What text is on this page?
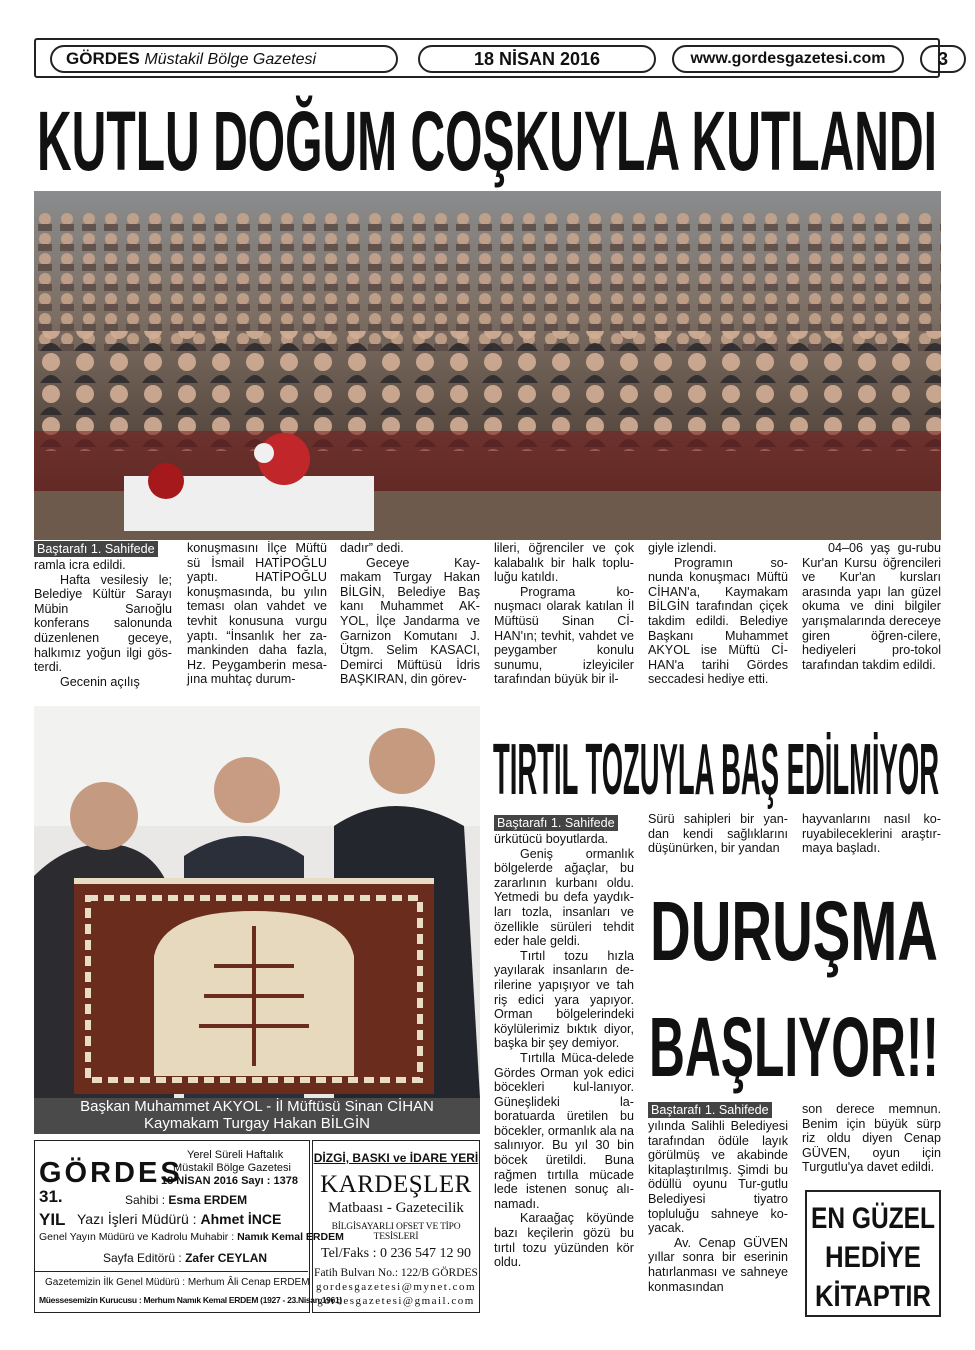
GÖRDES Müstakil Bölge Gazetesi	18 NİSAN 2016	www.gordesgazetesi.com	3
KUTLU DOĞUM COŞKUYLA KUTLANDI
Baştarafı 1. Sahifede

ramla icra edildi.

Hafta vesilesiy le; Belediye Kültür Sarayı Mübin Sarıoğlu konferans salonunda düzenlenen geceye, halkımız yoğun ilgi gös-terdi.

Gecenin açılış

konuşmasını İlçe Müftü sü İsmail HATİPOĞLU yaptı. HATİPOĞLU konuşmasında, bu yılın teması olan vahdet ve tevhit konusuna vurgu yaptı. “İnsanlık her za-mankinden daha fazla, Hz. Peygamberin mesa-jına muhtaç durum-

dadır” dedi.

Geceye Kay-makam Turgay Hakan BİLGİN, Belediye Baş kanı Muhammet AK-YOL, İlçe Jandarma ve Garnizon Komutanı J. Ütgm. Selim KASACI, Demirci Müftüsü İdris BAŞKIRAN, din görev-

lileri, öğrenciler ve çok kalabalık bir halk toplu-luğu katıldı.

Programa ko-nuşmacı olarak katılan İl Müftüsü Sinan Cİ-HAN'ın; tevhit, vahdet ve peygamber konulu sunumu, izleyiciler tarafından büyük bir il-

giyle izlendi.

Programın so-nunda konuşmacı Müftü CİHAN'a, Kaymakam BİLGİN tarafından çiçek takdim edildi. Belediye Başkanı Muhammet AKYOL ise Müftü Cİ-HAN'a tarihi Gördes seccadesi hediye etti.

04–06 yaş gu-rubu Kur'an Kursu öğrencileri ve Kur'an kursları arasında yapı lan güzel okuma ve dini bilgiler yarışmalarında dereceye giren öğren-cilere, hediyeleri pro-tokol tarafından takdim edildi.

Başkan Muhammet AKYOL - İl Müftüsü Sinan CİHAN
Kaymakam Turgay Hakan BİLGİN
TIRTIL TOZUYLA BAŞ EDİLMİYOR
Baştarafı 1. Sahifede

ürkütücü boyutlarda.

Geniş ormanlık bölgelerde ağaçlar, bu zararlının kurbanı oldu. Yetmedi bu defa yaydık-ları tozla, insanları ve özellikle sürüleri tehdit eder hale geldi.

Tırtıl tozu hızla yayılarak insanların de-rilerine yapışıyor ve tah riş edici yara yapıyor. Orman bölgelerindeki köylülerimiz bıktık diyor, başka bir şey demiyor.

Tırtılla Müca-delede Gördes Orman yok edici böcekleri kul-lanıyor. Güneşlideki la-boratuarda üretilen bu böcekler, ormanlık ala na salınıyor. Bu yıl 30 bin böcek üretildi. Buna rağmen tırtılla mücade lede istenen sonuç alı-namadı.

Karaağaç köyünde bazı keçilerin gözü bu tırtıl tozu yüzünden kör oldu.

Sürü sahipleri bir yan-dan kendi sağlıklarını düşünürken, bir yandan

hayvanlarını nasıl ko-ruyabileceklerini araştır-maya başladı.

DURUŞMA
BAŞLIYOR!!
Baştarafı 1. Sahifede

yılında Salihli Belediyesi tarafından ödüle layık görülmüş ve akabinde kitaplaştırılmış. Şimdi bu ödüllü oyunu Tur-gutlu Belediyesi tiyatro topluluğu sahneye ko-yacak.

Av. Cenap GÜVEN yıllar sonra bir eserinin hatırlanması ve sahneye konmasından

son derece memnun. Benim için büyük sürp riz oldu diyen Cenap GÜVEN, oyun için Turgutlu'ya davet edildi.

EN GÜZEL
HEDİYE
KİTAPTIR
GÖRDES
Yerel Süreli Haftalık
Müstakil Bölge Gazetesi
18 NİSAN 2016 Sayı : 1378
31.
YIL
Sahibi : Esma ERDEM
Yazı İşleri Müdürü : Ahmet İNCE
Genel Yayın Müdürü ve Kadrolu Muhabir : Namık Kemal ERDEM
Sayfa Editörü : Zafer CEYLAN
Gazetemizin İlk Genel Müdürü : Merhum Âli Cenap ERDEM
Müessesemizin Kurucusu : Merhum Namık Kemal ERDEM (1927 - 23.Nisan.1961)
DİZGİ, BASKI ve İDARE YERİ
KARDEŞLER
Matbaası - Gazetecilik
BİLGİSAYARLI OFSET VE TİPO TESİSLERİ
Tel/Faks : 0 236 547 12 90
Fatih Bulvarı No.: 122/B GÖRDES
gordesgazetesi@mynet.com
gordesgazetesi@gmail.com
